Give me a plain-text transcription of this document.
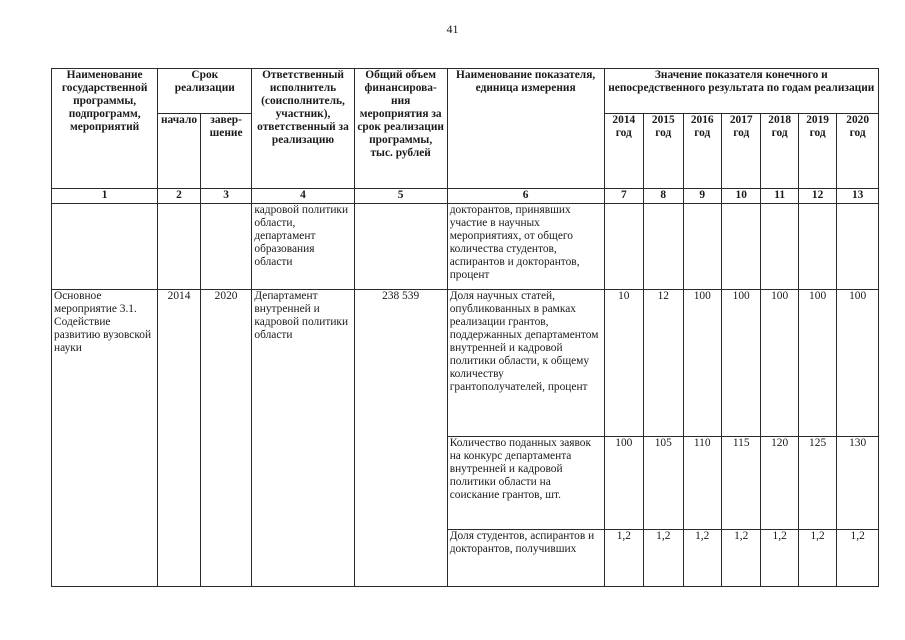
41
Наименование государственной программы, подпрограмм, мероприятий	Срок реализации		Ответственный исполнитель (соисполнитель, участник), ответственный за реализацию	Общий объем финансирова-ния мероприятия за срок реализации программы, тыс. рублей	Наименование показателя, единица измерения	Значение показателя конечного и непосредственного результата по годам реализации						
	начало	завер-шение				2014 год	2015 год	2016 год	2017 год	2018 год	2019 год	2020 год
1	2	3	4	5	6	7	8	9	10	11	12	13
			кадровой политики области, департамент образования области		докторантов, принявших участие в научных мероприятиях, от общего количества студентов, аспирантов и докторантов, процент							
Основное мероприятие 3.1. Содействие развитию вузовской науки	2014	2020	Департамент внутренней и кадровой политики области	238 539	Доля научных статей, опубликованных в рамках реализации грантов, поддержанных департаментом внутренней и кадровой политики области, к общему количеству грантополучателей, процент	10	12	100	100	100	100	100
					Количество поданных заявок на конкурс департамента внутренней и кадровой политики области на соискание грантов, шт.	100	105	110	115	120	125	130
					Доля студентов, аспирантов и докторантов, получивших	1,2	1,2	1,2	1,2	1,2	1,2	1,2
